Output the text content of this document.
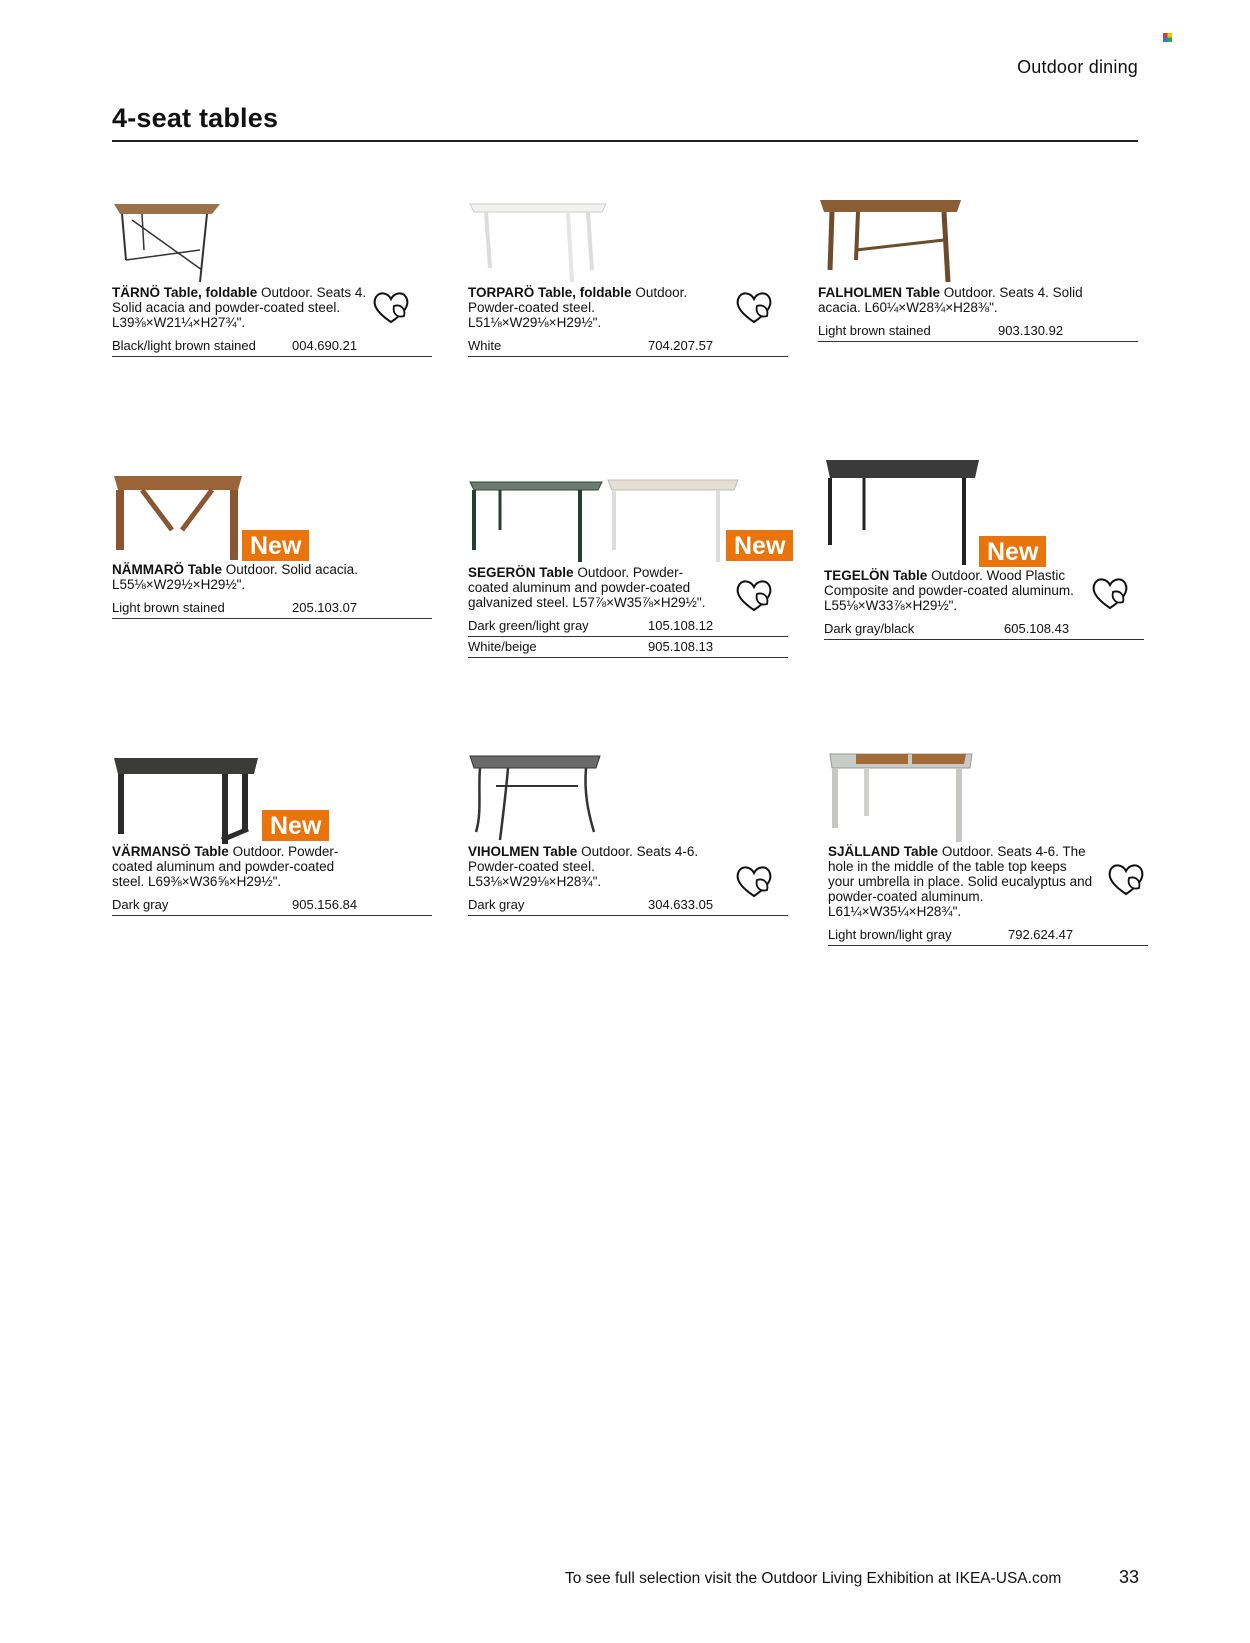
Outdoor dining
4-seat tables
TÄRNÖ Table, foldable Outdoor. Seats 4. Solid acacia and powder-coated steel. L39⅜×W21¼×H27¾".
Black/light brown stained	004.690.21
TORPARÖ Table, foldable Outdoor. Powder-coated steel. L51⅛×W29⅛×H29½".
White	704.207.57
FALHOLMEN Table Outdoor. Seats 4. Solid acacia. L60¼×W28¾×H28⅜".
Light brown stained	903.130.92
New
NÄMMARÖ Table Outdoor. Solid acacia. L55⅛×W29½×H29½".
Light brown stained	205.103.07
New
SEGERÖN Table Outdoor. Powder-coated aluminum and powder-coated galvanized steel. L57⅞×W35⅞×H29½".
Dark green/light gray	105.108.12
White/beige	905.108.13
New
TEGELÖN Table Outdoor. Wood Plastic Composite and powder-coated aluminum. L55⅛×W33⅞×H29½".
Dark gray/black	605.108.43
New
VÄRMANSÖ Table Outdoor. Powder-coated aluminum and powder-coated steel. L69⅜×W36⅝×H29½".
Dark gray	905.156.84
VIHOLMEN Table Outdoor. Seats 4-6. Powder-coated steel. L53⅛×W29⅛×H28¾".
Dark gray	304.633.05
SJÄLLAND Table Outdoor. Seats 4-6. The hole in the middle of the table top keeps your umbrella in place. Solid eucalyptus and powder-coated aluminum. L61¼×W35¼×H28¾".
Light brown/light gray	792.624.47
To see full selection visit the Outdoor Living Exhibition at IKEA-USA.com	33
